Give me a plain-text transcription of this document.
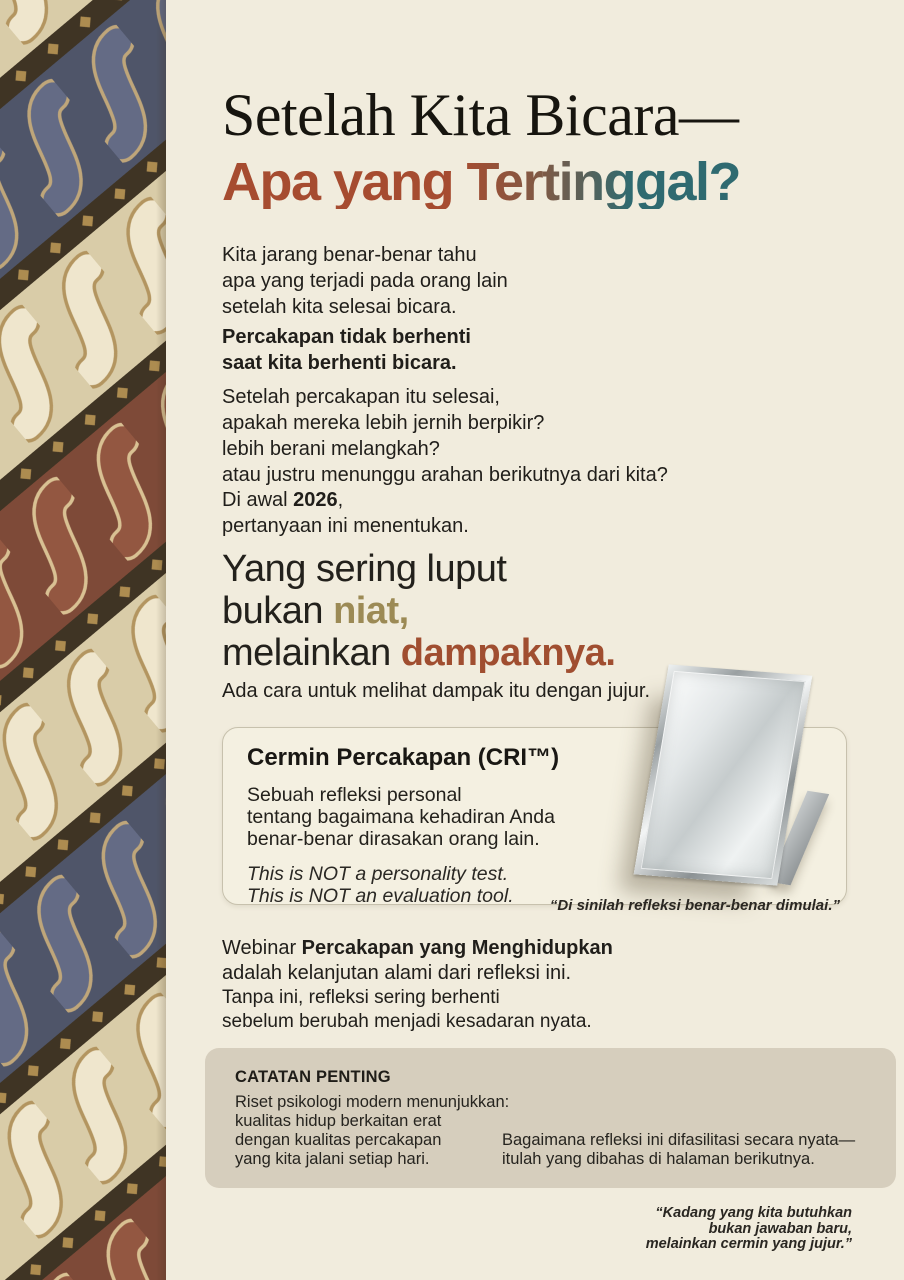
Setelah Kita Bicara—
Apa yang Tertinggal?
Kita jarang benar-benar tahu
apa yang terjadi pada orang lain
setelah kita selesai bicara.
Percakapan tidak berhenti
saat kita berhenti bicara.
Setelah percakapan itu selesai,
apakah mereka lebih jernih berpikir?
lebih berani melangkah?
atau justru menunggu arahan berikutnya dari kita?
Di awal 2026,
pertanyaan ini menentukan.
Yang sering luput
bukan niat,
melainkan dampaknya.
Ada cara untuk melihat dampak itu dengan jujur.
Cermin Percakapan (CRI™)
Sebuah refleksi personal
tentang bagaimana kehadiran Anda
benar-benar dirasakan orang lain.
This is NOT a personality test.
This is NOT an evaluation tool.	“Di sinilah refleksi benar-benar dimulai.”
Webinar Percakapan yang Menghidupkan
adalah kelanjutan alami dari refleksi ini.
Tanpa ini, refleksi sering berhenti
sebelum berubah menjadi kesadaran nyata.
CATATAN PENTING
Riset psikologi modern menunjukkan:
kualitas hidup berkaitan erat
dengan kualitas percakapan
yang kita jalani setiap hari.
Bagaimana refleksi ini difasilitasi secara nyata—
itulah yang dibahas di halaman berikutnya.
“Kadang yang kita butuhkan
bukan jawaban baru,
melainkan cermin yang jujur.”
